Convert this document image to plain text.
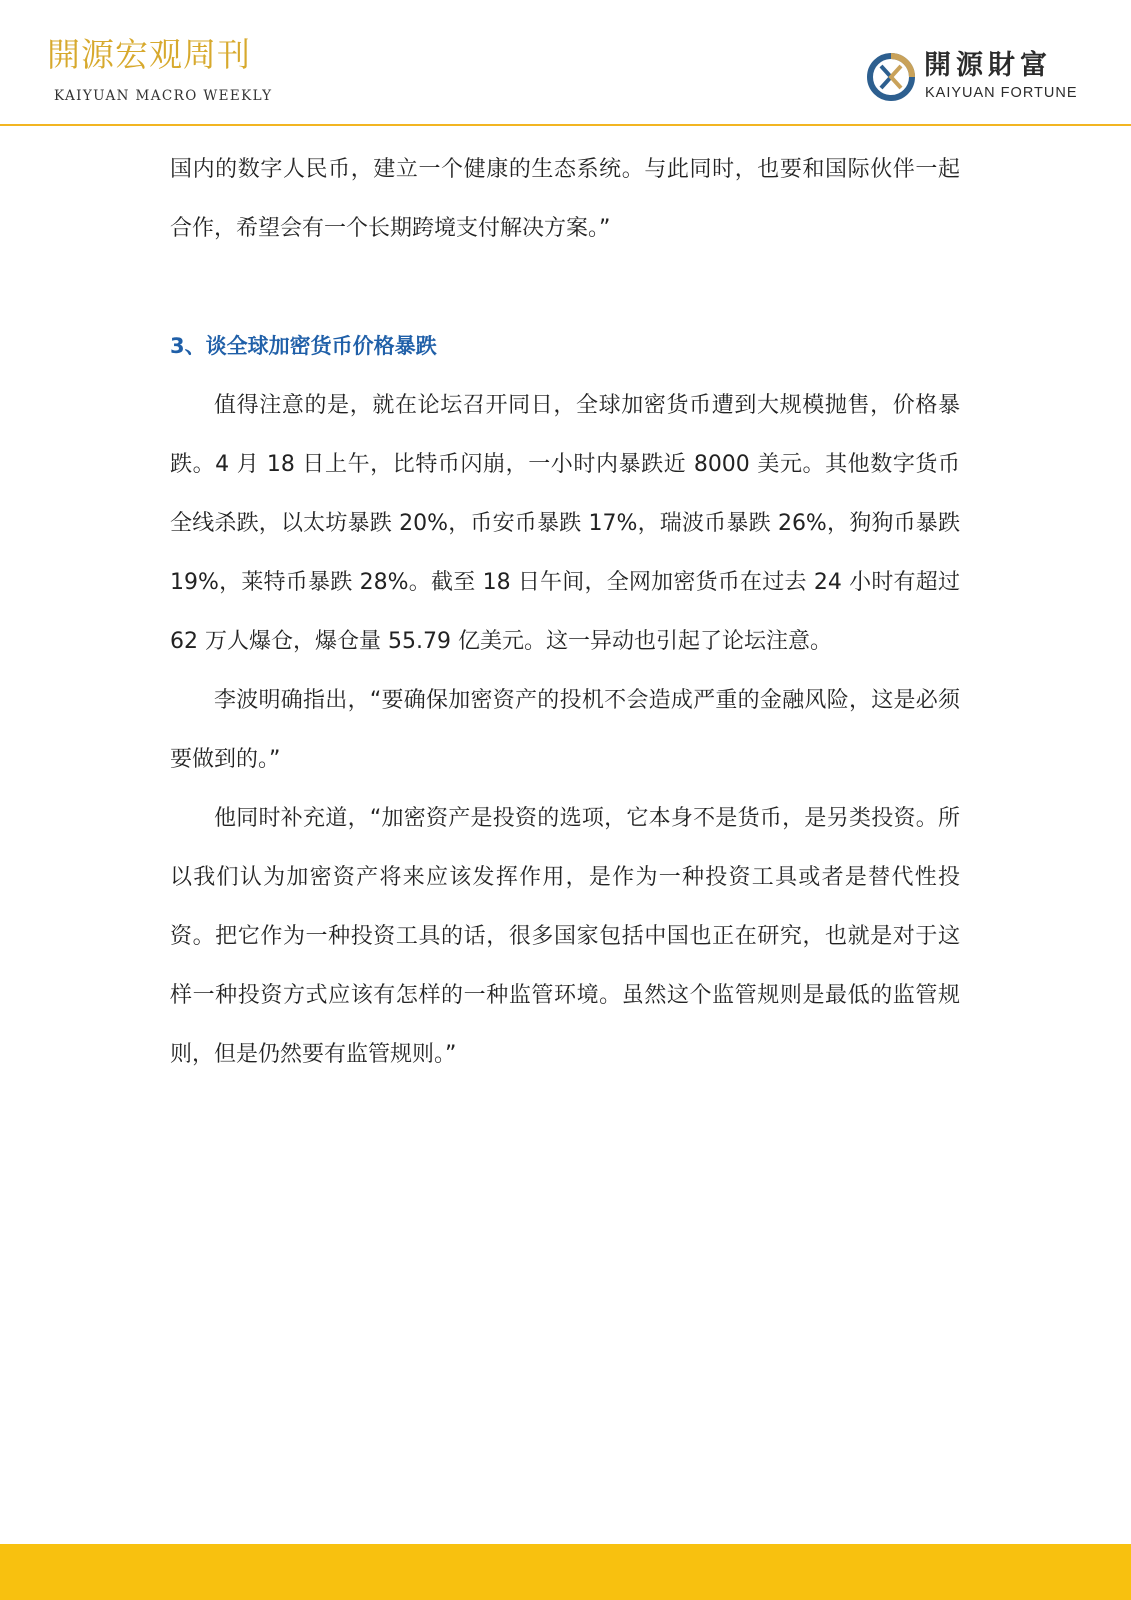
開源宏观周刊
KAIYUAN MACRO WEEKLY
開源財富
KAIYUAN FORTUNE

国内的数字人民币，建立一个健康的生态系统。与此同时，也要和国际伙伴一起合作，希望会有一个长期跨境支付解决方案。”

3、谈全球加密货币价格暴跌

值得注意的是，就在论坛召开同日，全球加密货币遭到大规模抛售，价格暴跌。4 月 18 日上午，比特币闪崩，一小时内暴跌近 8000 美元。其他数字货币全线杀跌，以太坊暴跌 20%，币安币暴跌 17%，瑞波币暴跌 26%，狗狗币暴跌 19%，莱特币暴跌 28%。截至 18 日午间，全网加密货币在过去 24 小时有超过 62 万人爆仓，爆仓量 55.79 亿美元。这一异动也引起了论坛注意。

李波明确指出，“要确保加密资产的投机不会造成严重的金融风险，这是必须要做到的。”

他同时补充道，“加密资产是投资的选项，它本身不是货币，是另类投资。所以我们认为加密资产将来应该发挥作用，是作为一种投资工具或者是替代性投资。把它作为一种投资工具的话，很多国家包括中国也正在研究，也就是对于这样一种投资方式应该有怎样的一种监管环境。虽然这个监管规则是最低的监管规则，但是仍然要有监管规则。”
